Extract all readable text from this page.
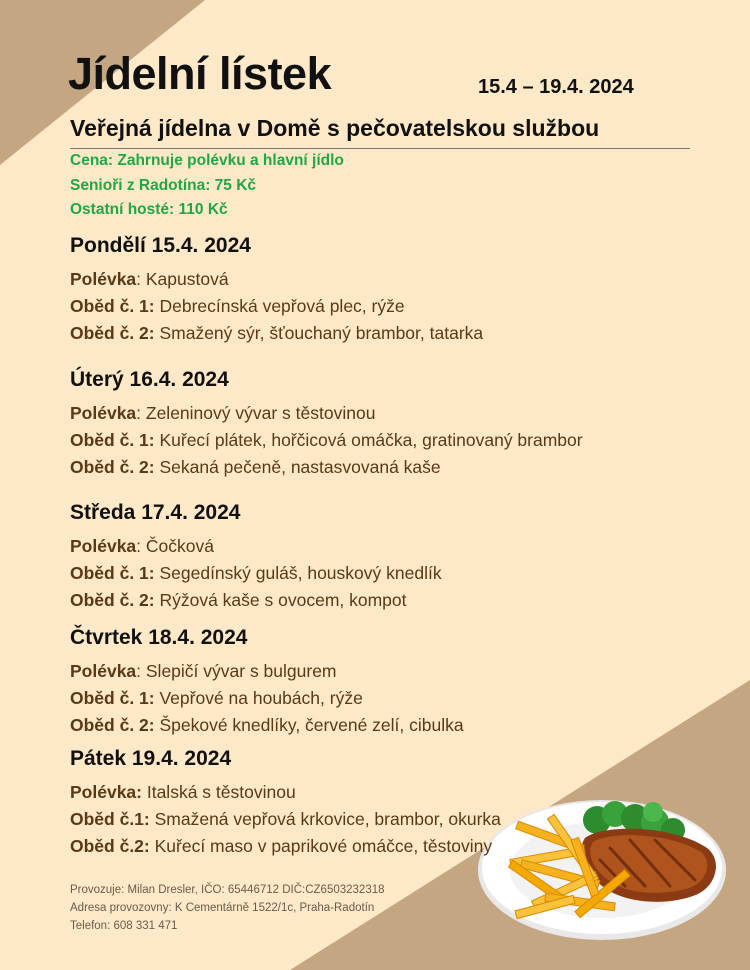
Jídelní lístek	15.4 – 19.4. 2024
Veřejná jídelna v Domě s pečovatelskou službou
Cena: Zahrnuje polévku a hlavní jídlo
Senioři z Radotína: 75 Kč
Ostatní hosté: 110 Kč
Pondělí 15.4. 2024
Polévka: Kapustová
Oběd č. 1: Debrecínská vepřová plec, rýže
Oběd č. 2: Smažený sýr, šťouchaný brambor, tatarka
Úterý 16.4. 2024
Polévka: Zeleninový vývar s těstovinou
Oběd č. 1: Kuřecí plátek, hořčicová omáčka, gratinovaný brambor
Oběd č. 2: Sekaná pečeně, nastasvovaná kaše
Středa 17.4. 2024
Polévka: Čočková
Oběd č. 1: Segedínský guláš, houskový knedlík
Oběd č. 2: Rýžová kaše s ovocem, kompot
Čtvrtek 18.4. 2024
Polévka: Slepičí vývar s bulgurem
Oběd č. 1: Vepřové na houbách, rýže
Oběd č. 2: Špekové knedlíky, červené zelí, cibulka
Pátek 19.4. 2024
Polévka: Italská s těstovinou
Oběd č.1: Smažená vepřová krkovice, brambor, okurka
Oběd č.2: Kuřecí maso v paprikové omáčce, těstoviny
Provozuje: Milan Dresler, IČO: 65446712 DIČ:CZ6503232318
Adresa provozovny: K Cementárně 1522/1c, Praha-Radotín
Telefon: 608 331 471
